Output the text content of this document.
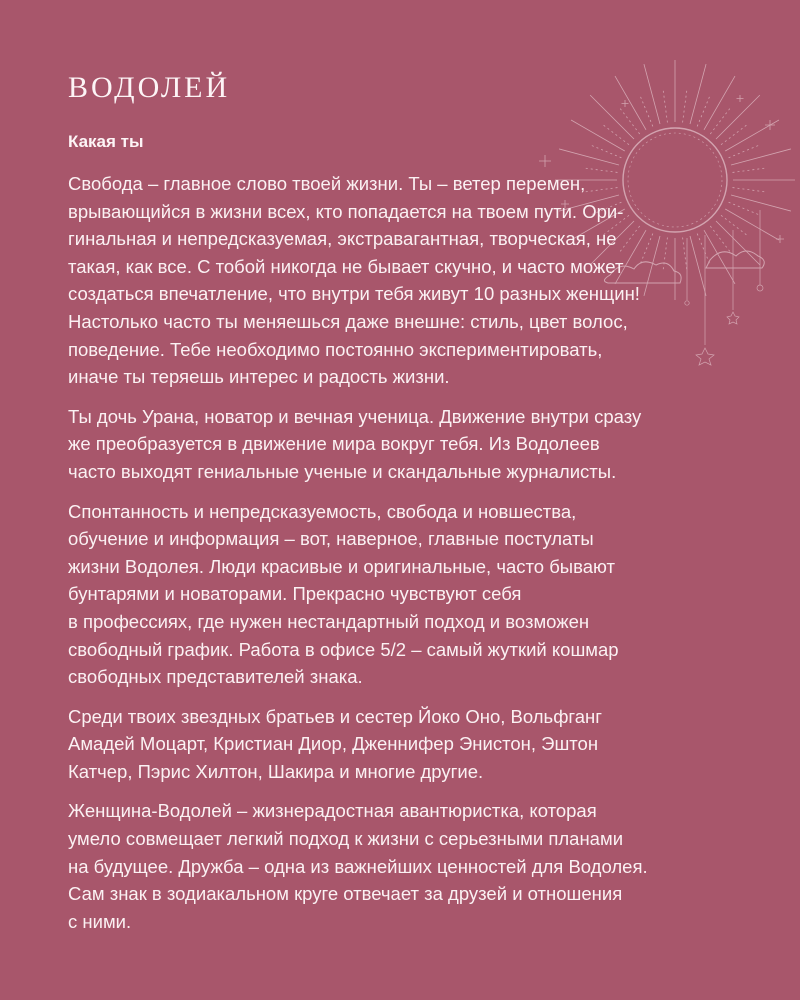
ВОДОЛЕЙ
Какая ты

Свобода – главное слово твоей жизни. Ты – ветер перемен,
врывающийся в жизни всех, кто попадается на твоем пути. Ори-
гинальная и непредсказуемая, экстравагантная, творческая, не
такая, как все. С тобой никогда не бывает скучно, и часто может
создаться впечатление, что внутри тебя живут 10 разных женщин!
Настолько часто ты меняешься даже внешне: стиль, цвет волос,
поведение. Тебе необходимо постоянно экспериментировать,
иначе ты теряешь интерес и радость жизни.

Ты дочь Урана, новатор и вечная ученица. Движение внутри сразу
же преобразуется в движение мира вокруг тебя. Из Водолеев
часто выходят гениальные ученые и скандальные журналисты.

Спонтанность и непредсказуемость, свобода и новшества,
обучение и информация – вот, наверное, главные постулаты
жизни Водолея. Люди красивые и оригинальные, часто бывают
бунтарями и новаторами. Прекрасно чувствуют себя
в профессиях, где нужен нестандартный подход и возможен
свободный график. Работа в офисе 5/2 – самый жуткий кошмар
свободных представителей знака.

Среди твоих звездных братьев и сестер Йоко Оно, Вольфганг
Амадей Моцарт, Кристиан Диор, Дженнифер Энистон, Эштон
Катчер, Пэрис Хилтон, Шакира и многие другие.

Женщина-Водолей – жизнерадостная авантюристка, которая
умело совмещает легкий подход к жизни с серьезными планами
на будущее. Дружба – одна из важнейших ценностей для Водолея.
Сам знак в зодиакальном круге отвечает за друзей и отношения
с ними.
